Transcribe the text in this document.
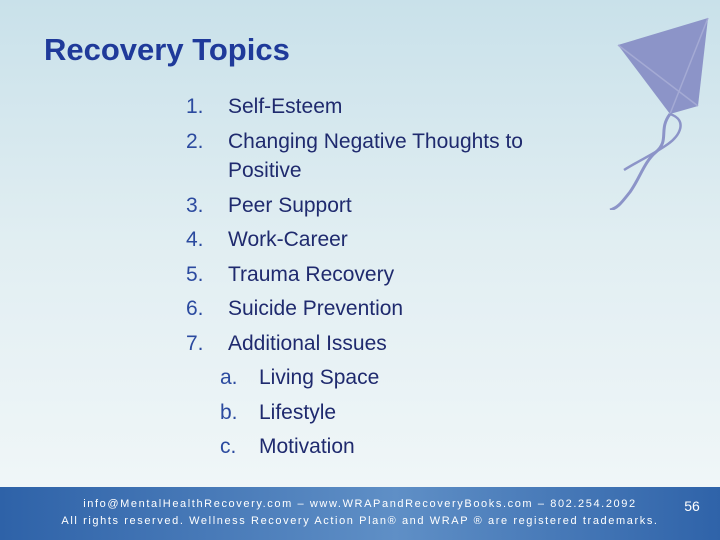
Recovery Topics
1. Self-Esteem
2. Changing Negative Thoughts to Positive
3. Peer Support
4. Work-Career
5. Trauma Recovery
6. Suicide Prevention
7. Additional Issues
a. Living Space
b. Lifestyle
c. Motivation
info@MentalHealthRecovery.com – www.WRAPandRecoveryBooks.com – 802.254.2092
All rights reserved. Wellness Recovery Action Plan® and WRAP ® are registered trademarks.
56
